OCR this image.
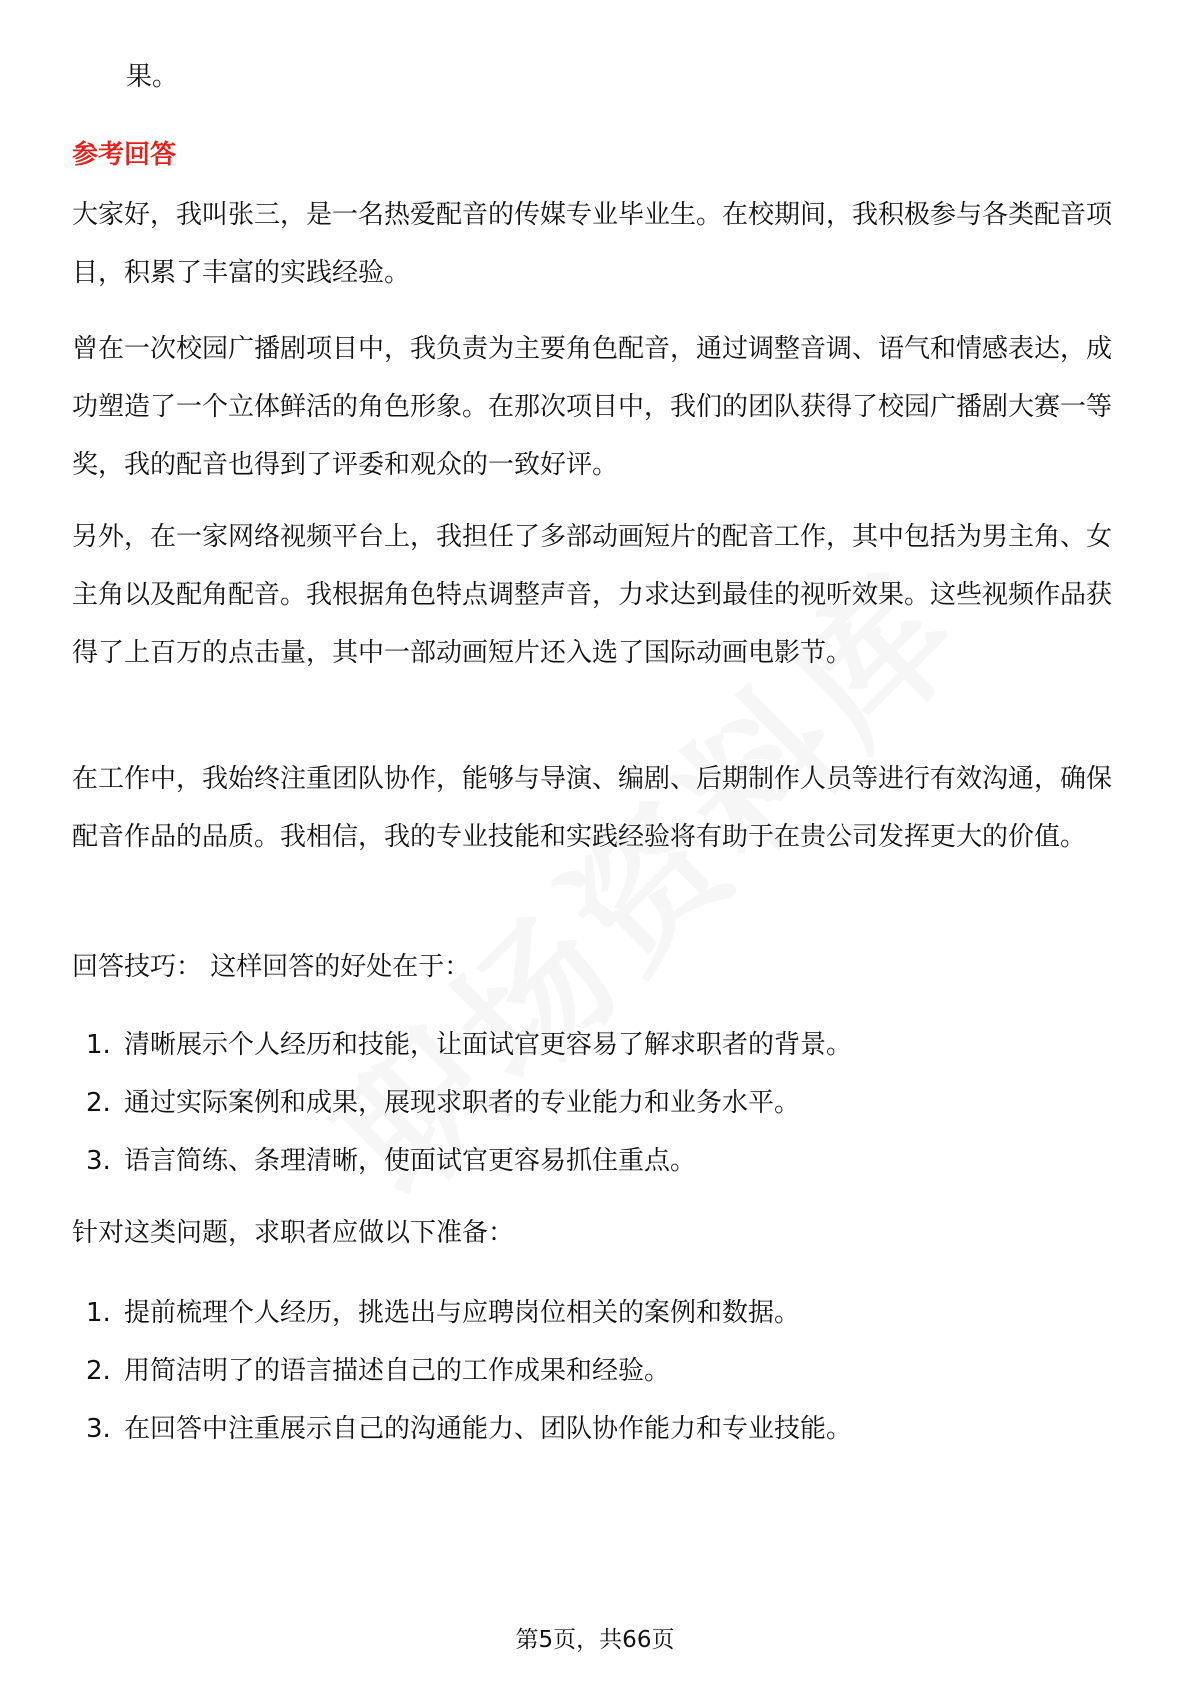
果。

参考回答

大家好，我叫张三，是一名热爱配音的传媒专业毕业生。在校期间，我积极参与各类配音项目，积累了丰富的实践经验。

曾在一次校园广播剧项目中，我负责为主要角色配音，通过调整音调、语气和情感表达，成功塑造了一个立体鲜活的角色形象。在那次项目中，我们的团队获得了校园广播剧大赛一等奖，我的配音也得到了评委和观众的一致好评。

另外，在一家网络视频平台上，我担任了多部动画短片的配音工作，其中包括为男主角、女主角以及配角配音。我根据角色特点调整声音，力求达到最佳的视听效果。这些视频作品获得了上百万的点击量，其中一部动画短片还入选了国际动画电影节。

在工作中，我始终注重团队协作，能够与导演、编剧、后期制作人员等进行有效沟通，确保配音作品的品质。我相信，我的专业技能和实践经验将有助于在贵公司发挥更大的价值。

回答技巧： 这样回答的好处在于：

1. 清晰展示个人经历和技能，让面试官更容易了解求职者的背景。
2. 通过实际案例和成果，展现求职者的专业能力和业务水平。
3. 语言简练、条理清晰，使面试官更容易抓住重点。

针对这类问题，求职者应做以下准备：

1. 提前梳理个人经历，挑选出与应聘岗位相关的案例和数据。
2. 用简洁明了的语言描述自己的工作成果和经验。
3. 在回答中注重展示自己的沟通能力、团队协作能力和专业技能。

第5页，共66页
